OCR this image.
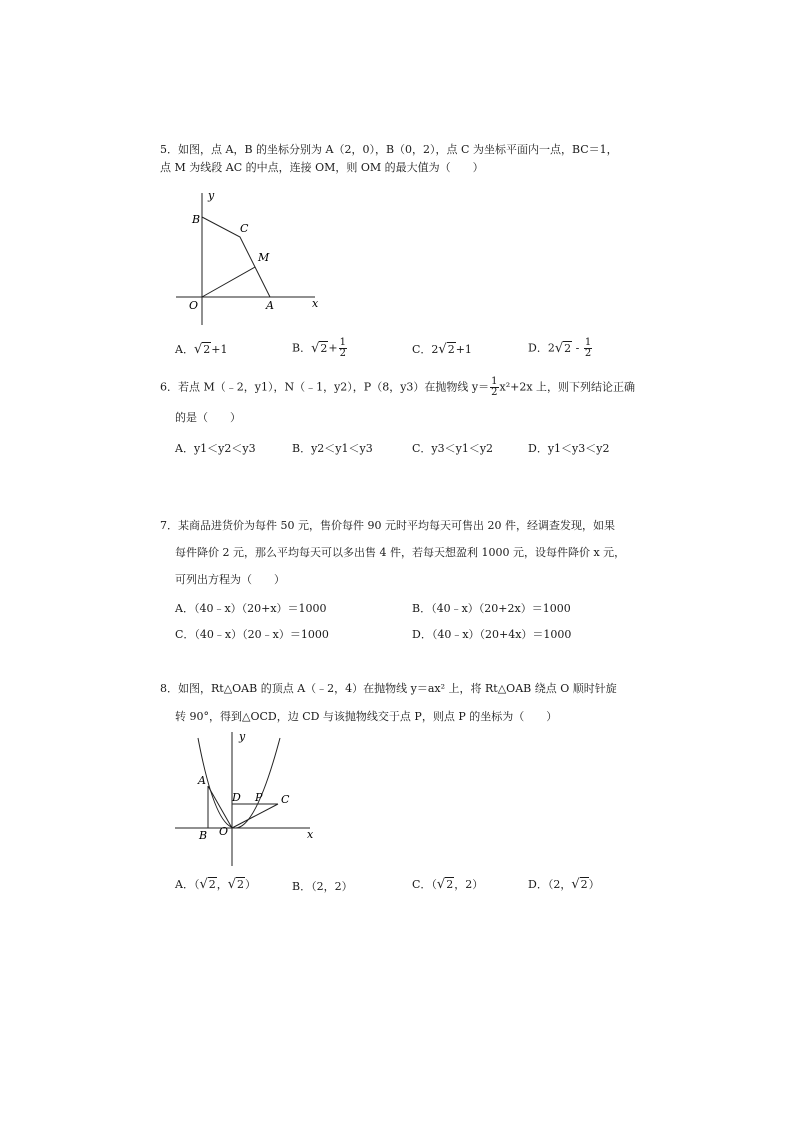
5．如图，点 A，B 的坐标分别为 A（2，0），B（0，2），点 C 为坐标平面内一点，BC＝1，
点 M 为线段 AC 的中点，连接 OM，则 OM 的最大值为（　　）
y
B
C
M
O	A	x
A．√2+1	B．$√2+ \frac{1}{2}$	C．2√2+1	D．$2√2 - \frac{1}{2}$
6．若点 M（﹣2，y1），N（﹣1，y2），P（8，y3）在抛物线 $y= \frac{1}{2} x^2+2x$ 上，则下列结论正确
的是（　　）
A．y1＜y2＜y3	B．y2＜y1＜y3	C．y3＜y1＜y2	D．y1＜y3＜y2
7．某商品进货价为每件 50 元，售价每件 90 元时平均每天可售出 20 件，经调查发现，如果
每件降价 2 元，那么平均每天可以多出售 4 件，若每天想盈利 1000 元，设每件降价 x 元，
可列出方程为（　　）
A．（40﹣x）（20+x）＝1000	B．（40﹣x）（20+2x）＝1000
C．（40﹣x）（20﹣x）＝1000	D．（40﹣x）（20+4x）＝1000
8．如图，Rt△OAB 的顶点 A（﹣2，4）在抛物线 y＝ax² 上，将 Rt△OAB 绕点 O 顺时针旋
转 90°，得到△OCD，边 CD 与该抛物线交于点 P，则点 P 的坐标为（　　）
y
A
D P C
B O	x
A．（√2，√2）	B．（2，2）	C．（√2，2）	D．（2，√2）
